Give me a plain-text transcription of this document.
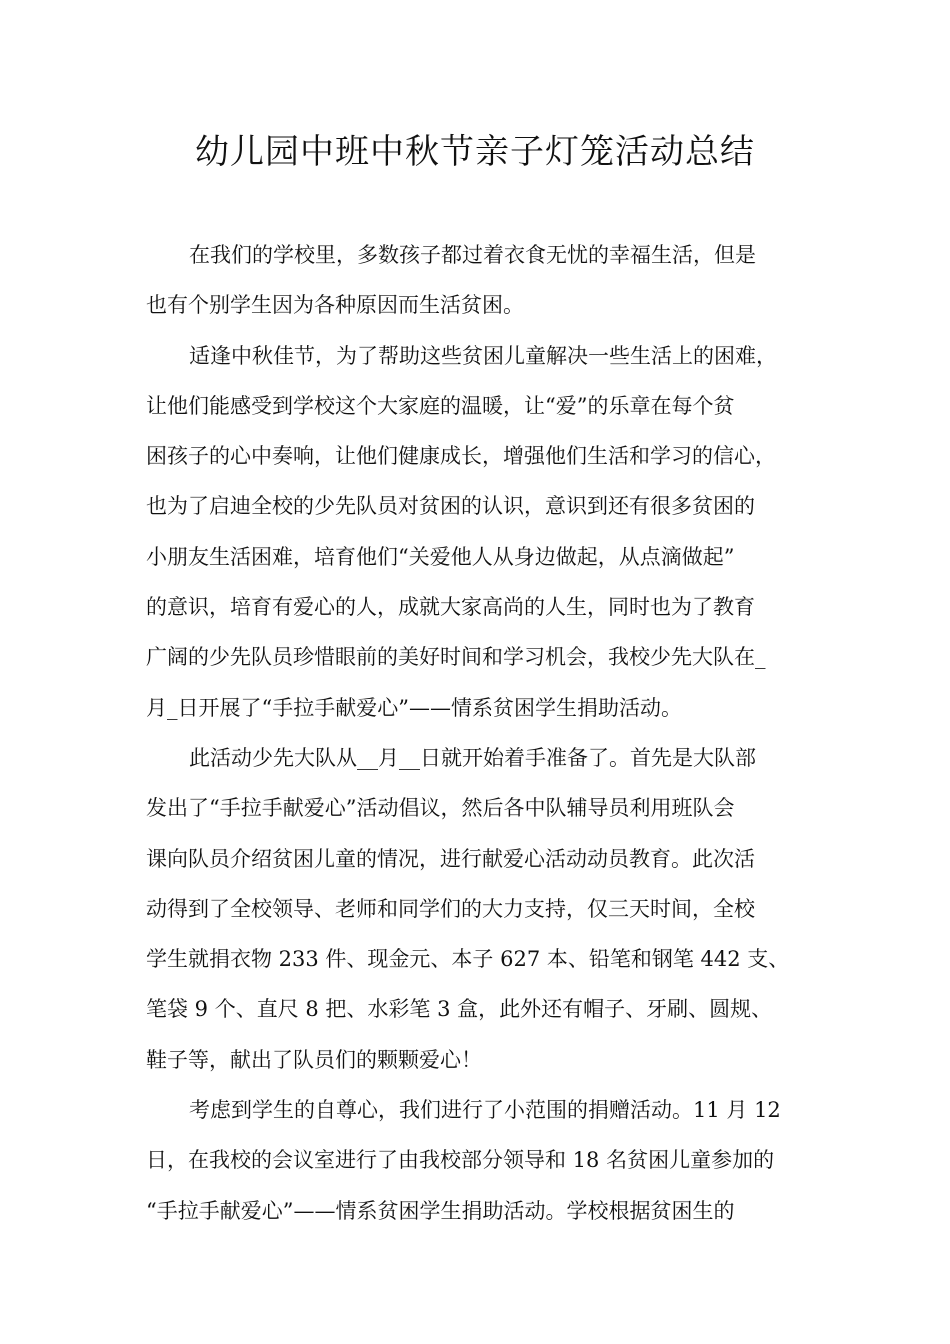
幼儿园中班中秋节亲子灯笼活动总结
在我们的学校里，多数孩子都过着衣食无忧的幸福生活，但是
也有个别学生因为各种原因而生活贫困。
适逢中秋佳节，为了帮助这些贫困儿童解决一些生活上的困难，
让他们能感受到学校这个大家庭的温暖，让“爱”的乐章在每个贫
困孩子的心中奏响，让他们健康成长，增强他们生活和学习的信心，
也为了启迪全校的少先队员对贫困的认识，意识到还有很多贫困的
小朋友生活困难，培育他们“关爱他人从身边做起，从点滴做起”
的意识，培育有爱心的人，成就大家高尚的人生，同时也为了教育
广阔的少先队员珍惜眼前的美好时间和学习机会，我校少先大队在_
月_日开展了“手拉手献爱心”——情系贫困学生捐助活动。
此活动少先大队从__月__日就开始着手准备了。首先是大队部
发出了“手拉手献爱心”活动倡议，然后各中队辅导员利用班队会
课向队员介绍贫困儿童的情况，进行献爱心活动动员教育。此次活
动得到了全校领导、老师和同学们的大力支持，仅三天时间，全校
学生就捐衣物 233 件、现金元、本子 627 本、铅笔和钢笔 442 支、
笔袋 9 个、直尺 8 把、水彩笔 3 盒，此外还有帽子、牙刷、圆规、
鞋子等，献出了队员们的颗颗爱心！
考虑到学生的自尊心，我们进行了小范围的捐赠活动。11 月 12
日，在我校的会议室进行了由我校部分领导和 18 名贫困儿童参加的
“手拉手献爱心”——情系贫困学生捐助活动。学校根据贫困生的
